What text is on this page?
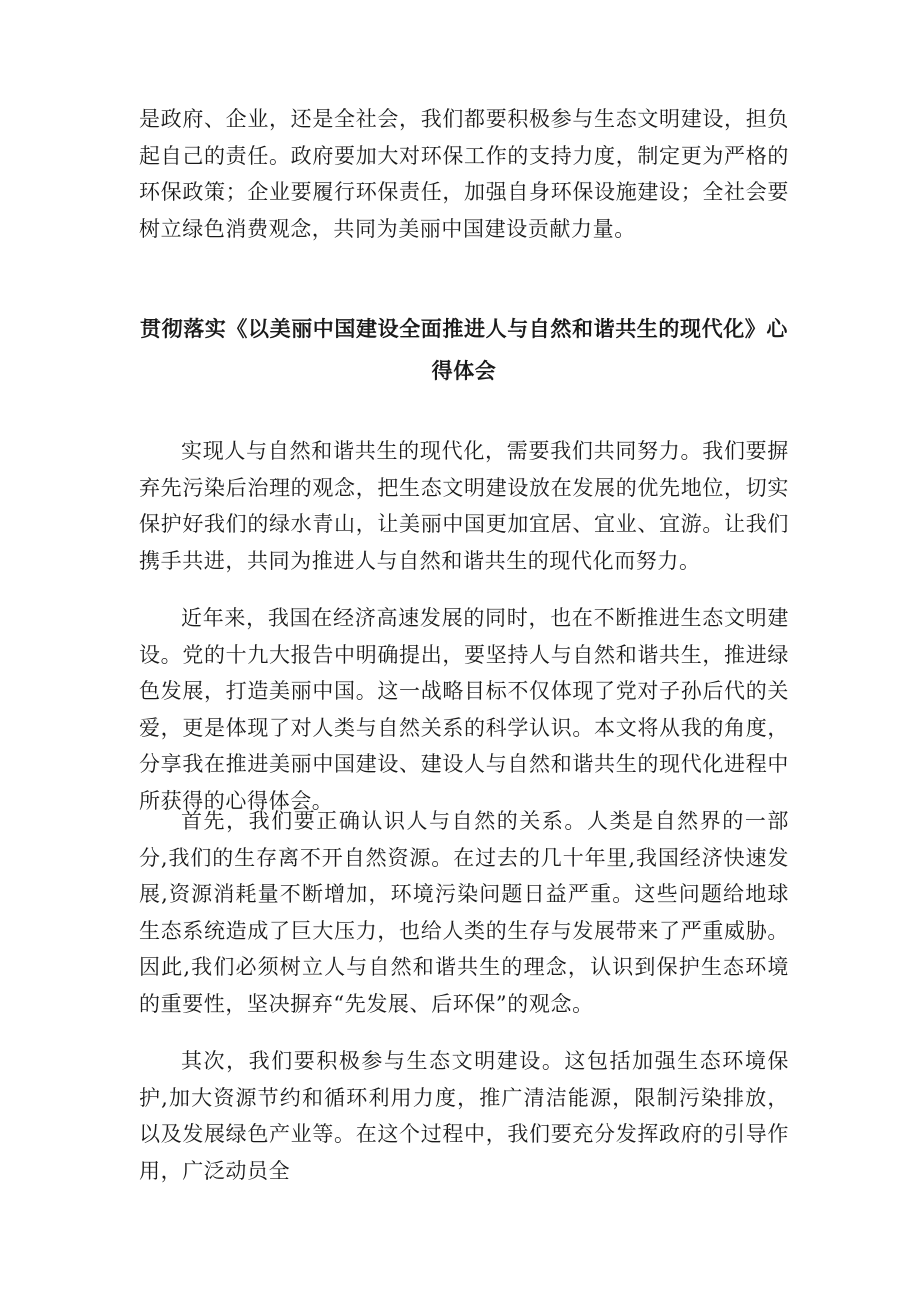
是政府、企业，还是全社会，我们都要积极参与生态文明建设，担负起自己的责任。政府要加大对环保工作的支持力度，制定更为严格的环保政策；企业要履行环保责任，加强自身环保设施建设；全社会要树立绿色消费观念，共同为美丽中国建设贡献力量。

贯彻落实《以美丽中国建设全面推进人与自然和谐共生的现代化》心

得体会

实现人与自然和谐共生的现代化，需要我们共同努力。我们要摒弃先污染后治理的观念，把生态文明建设放在发展的优先地位，切实保护好我们的绿水青山，让美丽中国更加宜居、宜业、宜游。让我们携手共进，共同为推进人与自然和谐共生的现代化而努力。

近年来，我国在经济高速发展的同时，也在不断推进生态文明建设。党的十九大报告中明确提出，要坚持人与自然和谐共生，推进绿色发展，打造美丽中国。这一战略目标不仅体现了党对子孙后代的关爱，更是体现了对人类与自然关系的科学认识。本文将从我的角度，分享我在推进美丽中国建设、建设人与自然和谐共生的现代化进程中所获得的心得体会。

首先，我们要正确认识人与自然的关系。人类是自然界的一部分,我们的生存离不开自然资源。在过去的几十年里,我国经济快速发展,资源消耗量不断增加，环境污染问题日益严重。这些问题给地球生态系统造成了巨大压力，也给人类的生存与发展带来了严重威胁。因此,我们必须树立人与自然和谐共生的理念，认识到保护生态环境的重要性，坚决摒弃“先发展、后环保”的观念。

其次，我们要积极参与生态文明建设。这包括加强生态环境保护,加大资源节约和循环利用力度，推广清洁能源，限制污染排放，以及发展绿色产业等。在这个过程中，我们要充分发挥政府的引导作用，广泛动员全
